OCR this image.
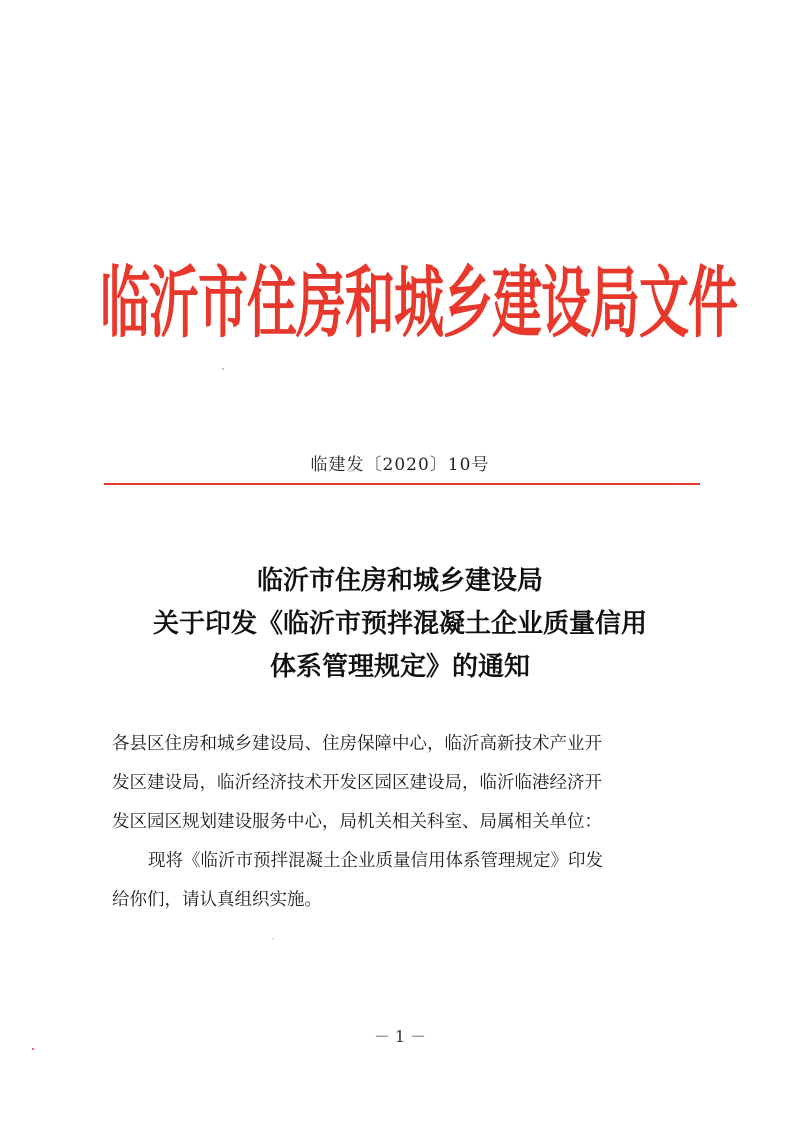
临沂市住房和城乡建设局文件
临建发〔2020〕10号
临沂市住房和城乡建设局
关于印发《临沂市预拌混凝土企业质量信用
体系管理规定》的通知
各县区住房和城乡建设局、住房保障中心，临沂高新技术产业开
发区建设局，临沂经济技术开发区园区建设局，临沂临港经济开
发区园区规划建设服务中心，局机关相关科室、局属相关单位：
现将《临沂市预拌混凝土企业质量信用体系管理规定》印发
给你们，请认真组织实施。
－ 1 －
